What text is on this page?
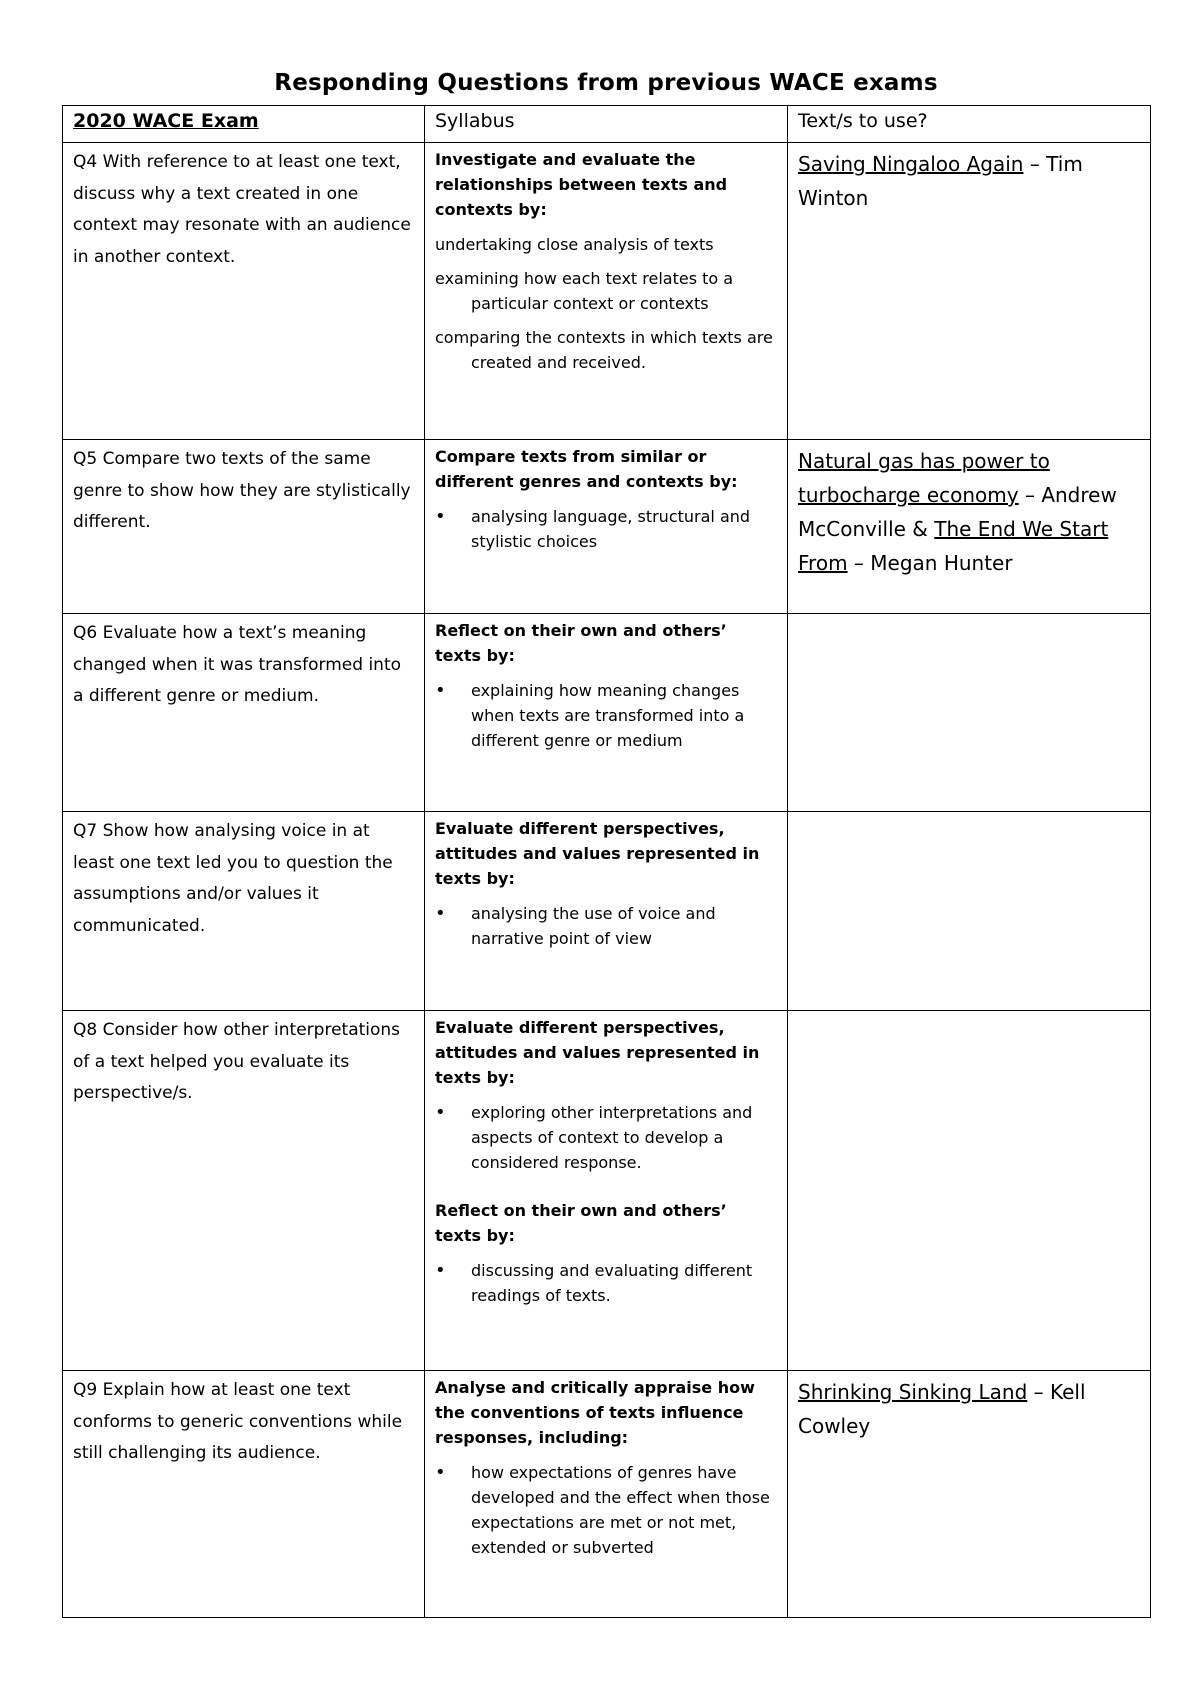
Responding Questions from previous WACE exams
2020 WACE Exam	Syllabus	Text/s to use?
Q4 With reference to at least one text, discuss why a text created in one context may resonate with an audience in another context.	Investigate and evaluate the relationships between texts and contexts by:
undertaking close analysis of texts
examining how each text relates to a particular context or contexts
comparing the contexts in which texts are created and received.	Saving Ningaloo Again – Tim Winton
Q5 Compare two texts of the same genre to show how they are stylistically different.	Compare texts from similar or different genres and contexts by:
• analysing language, structural and stylistic choices	Natural gas has power to turbocharge economy – Andrew McConville & The End We Start From – Megan Hunter
Q6 Evaluate how a text’s meaning changed when it was transformed into a different genre or medium.	Reflect on their own and others’ texts by:
• explaining how meaning changes when texts are transformed into a different genre or medium

Q7 Show how analysing voice in at least one text led you to question the assumptions and/or values it communicated.	Evaluate different perspectives, attitudes and values represented in texts by:
• analysing the use of voice and narrative point of view

Q8 Consider how other interpretations of a text helped you evaluate its perspective/s.	Evaluate different perspectives, attitudes and values represented in texts by:
• exploring other interpretations and aspects of context to develop a considered response.
Reflect on their own and others’ texts by:
• discussing and evaluating different readings of texts.

Q9 Explain how at least one text conforms to generic conventions while still challenging its audience.	Analyse and critically appraise how the conventions of texts influence responses, including:
• how expectations of genres have developed and the effect when those expectations are met or not met, extended or subverted	Shrinking Sinking Land – Kell Cowley
